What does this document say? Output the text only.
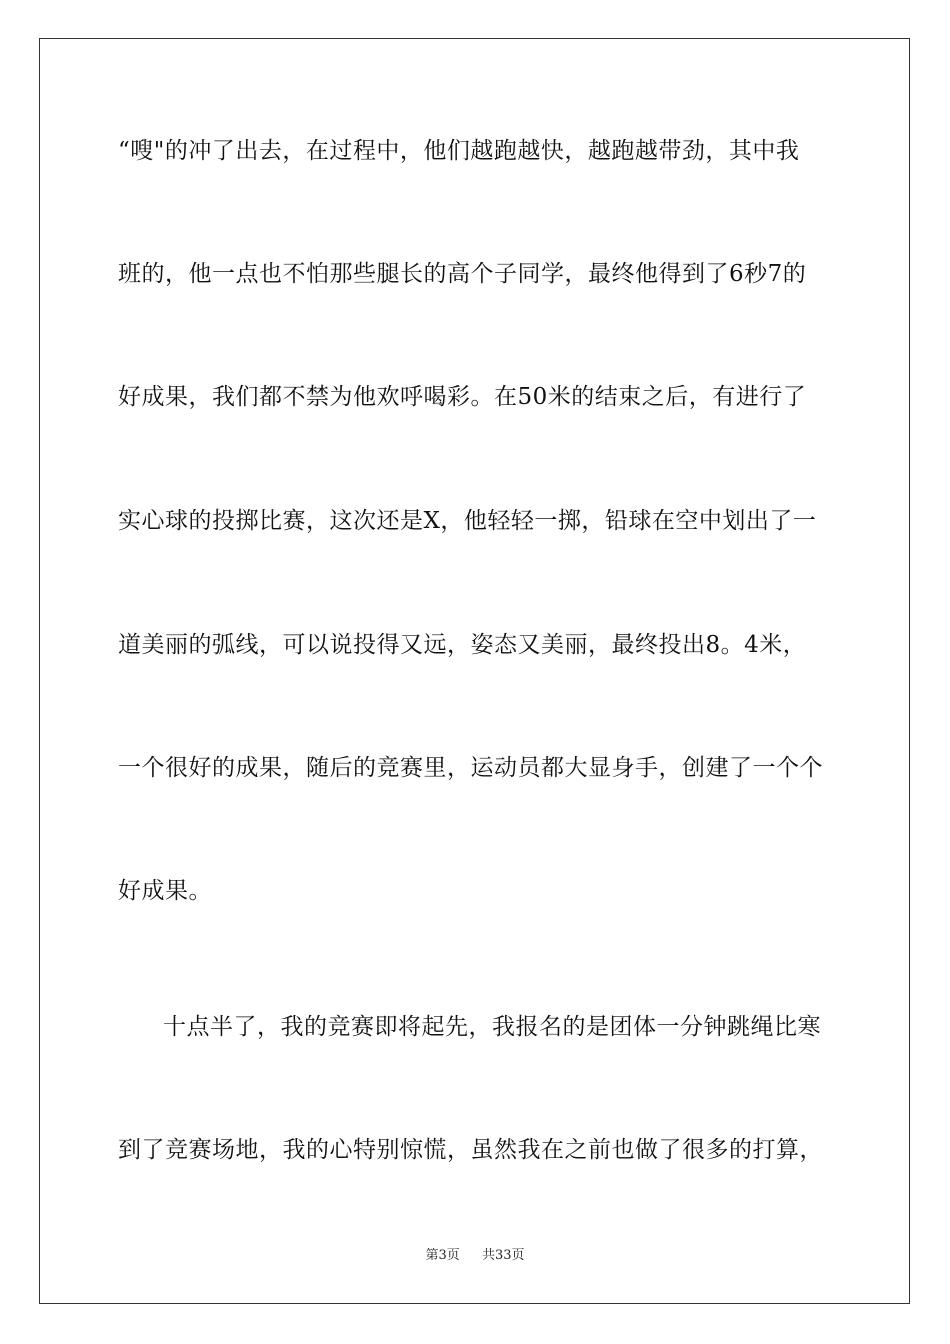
“嗖"的冲了出去，在过程中，他们越跑越快，越跑越带劲，其中我
班的，他一点也不怕那些腿长的高个子同学，最终他得到了6秒7的
好成果，我们都不禁为他欢呼喝彩。在50米的结束之后，有进行了
实心球的投掷比赛，这次还是X，他轻轻一掷，铅球在空中划出了一
道美丽的弧线，可以说投得又远，姿态又美丽，最终投出8。4米，
一个很好的成果，随后的竞赛里，运动员都大显身手，创建了一个个
好成果。
十点半了，我的竞赛即将起先，我报名的是团体一分钟跳绳比寒
到了竞赛场地，我的心特别惊慌，虽然我在之前也做了很多的打算，
第3页 共33页
